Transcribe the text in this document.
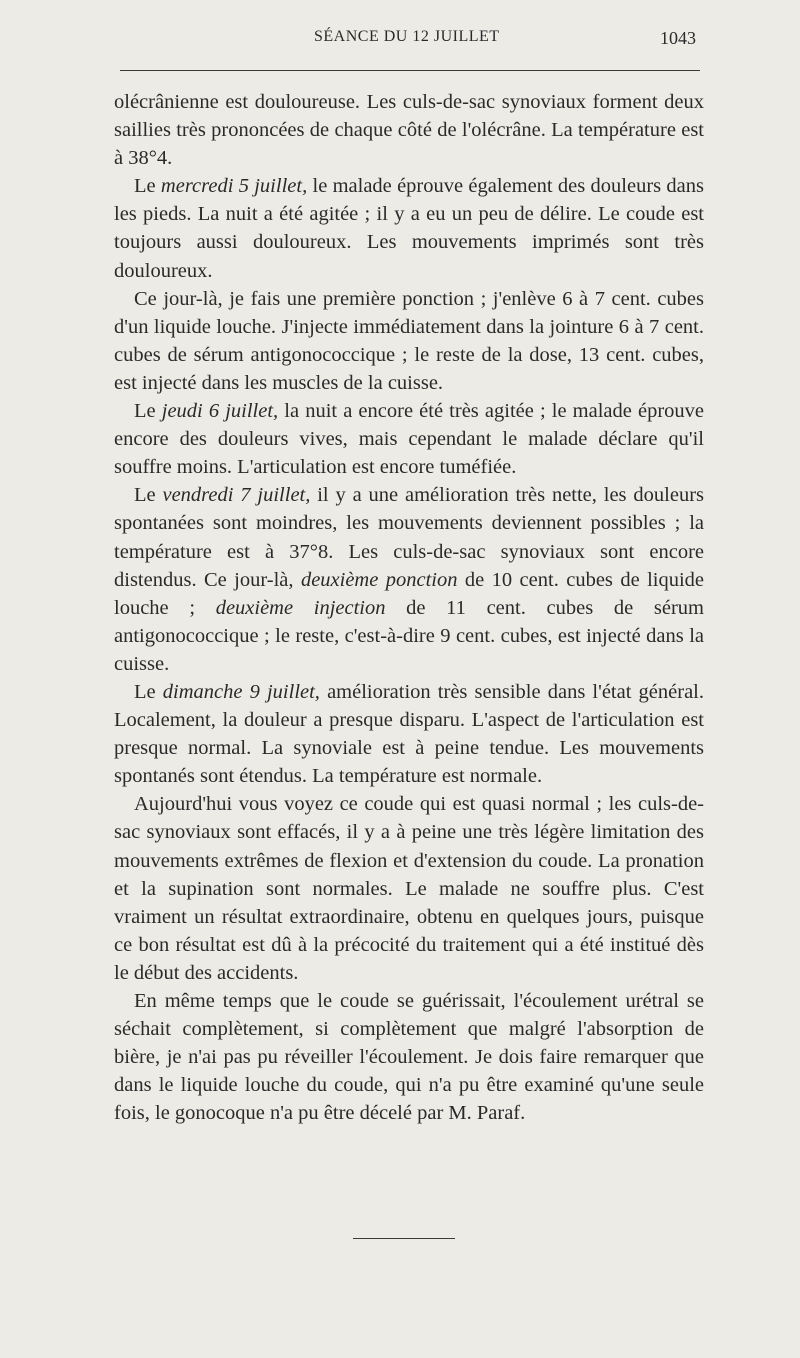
SÉANCE DU 12 JUILLET	1043

olécrânienne est douloureuse. Les culs-de-sac synoviaux forment deux saillies très prononcées de chaque côté de l'olécrâne. La température est à 38°4.

Le mercredi 5 juillet, le malade éprouve également des douleurs dans les pieds. La nuit a été agitée ; il y a eu un peu de délire. Le coude est toujours aussi douloureux. Les mouvements imprimés sont très douloureux.

Ce jour-là, je fais une première ponction ; j'enlève 6 à 7 cent. cubes d'un liquide louche. J'injecte immédiatement dans la jointure 6 à 7 cent. cubes de sérum antigonococcique ; le reste de la dose, 13 cent. cubes, est injecté dans les muscles de la cuisse.

Le jeudi 6 juillet, la nuit a encore été très agitée ; le malade éprouve encore des douleurs vives, mais cependant le malade déclare qu'il souffre moins. L'articulation est encore tuméfiée.

Le vendredi 7 juillet, il y a une amélioration très nette, les douleurs spontanées sont moindres, les mouvements deviennent possibles ; la température est à 37°8. Les culs-de-sac synoviaux sont encore distendus. Ce jour-là, deuxième ponction de 10 cent. cubes de liquide louche ; deuxième injection de 11 cent. cubes de sérum antigonococcique ; le reste, c'est-à-dire 9 cent. cubes, est injecté dans la cuisse.

Le dimanche 9 juillet, amélioration très sensible dans l'état général. Localement, la douleur a presque disparu. L'aspect de l'articulation est presque normal. La synoviale est à peine tendue. Les mouvements spontanés sont étendus. La température est normale.

Aujourd'hui vous voyez ce coude qui est quasi normal ; les culs-de-sac synoviaux sont effacés, il y a à peine une très légère limitation des mouvements extrêmes de flexion et d'extension du coude. La pronation et la supination sont normales. Le malade ne souffre plus. C'est vraiment un résultat extraordinaire, obtenu en quelques jours, puisque ce bon résultat est dû à la précocité du traitement qui a été institué dès le début des accidents.

En même temps que le coude se guérissait, l'écoulement urétral se séchait complètement, si complètement que malgré l'absorption de bière, je n'ai pas pu réveiller l'écoulement. Je dois faire remarquer que dans le liquide louche du coude, qui n'a pu être examiné qu'une seule fois, le gonocoque n'a pu être décelé par M. Paraf.
